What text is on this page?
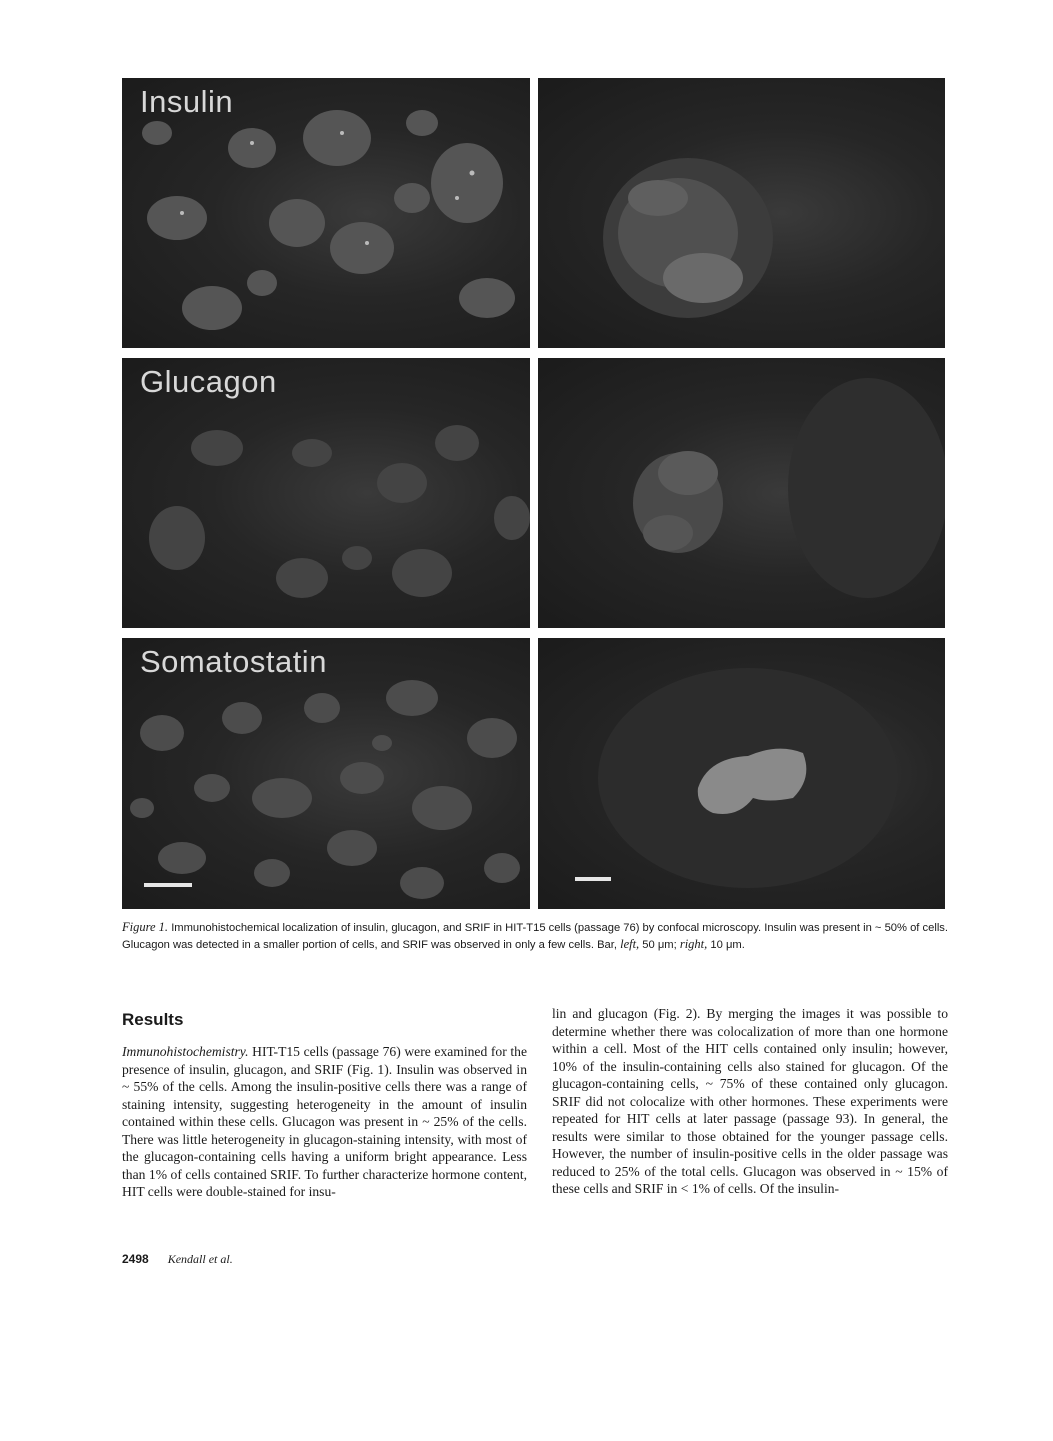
Insulin
Glucagon
Somatostatin
Figure 1. Immunohistochemical localization of insulin, glucagon, and SRIF in HIT-T15 cells (passage 76) by confocal microscopy. Insulin was present in ~ 50% of cells. Glucagon was detected in a smaller portion of cells, and SRIF was observed in only a few cells. Bar, left, 50 μm; right, 10 μm.
Results
Immunohistochemistry. HIT-T15 cells (passage 76) were examined for the presence of insulin, glucagon, and SRIF (Fig. 1). Insulin was observed in ~ 55% of the cells. Among the insulin-positive cells there was a range of staining intensity, suggesting heterogeneity in the amount of insulin contained within these cells. Glucagon was present in ~ 25% of the cells. There was little heterogeneity in glucagon-staining intensity, with most of the glucagon-containing cells having a uniform bright appearance. Less than 1% of cells contained SRIF. To further characterize hormone content, HIT cells were double-stained for insu-
lin and glucagon (Fig. 2). By merging the images it was possible to determine whether there was colocalization of more than one hormone within a cell. Most of the HIT cells contained only insulin; however, 10% of the insulin-containing cells also stained for glucagon. Of the glucagon-containing cells, ~ 75% of these contained only glucagon. SRIF did not colocalize with other hormones. These experiments were repeated for HIT cells at later passage (passage 93). In general, the results were similar to those obtained for the younger passage cells. However, the number of insulin-positive cells in the older passage was reduced to 25% of the total cells. Glucagon was observed in ~ 15% of these cells and SRIF in < 1% of cells. Of the insulin-
2498 Kendall et al.
